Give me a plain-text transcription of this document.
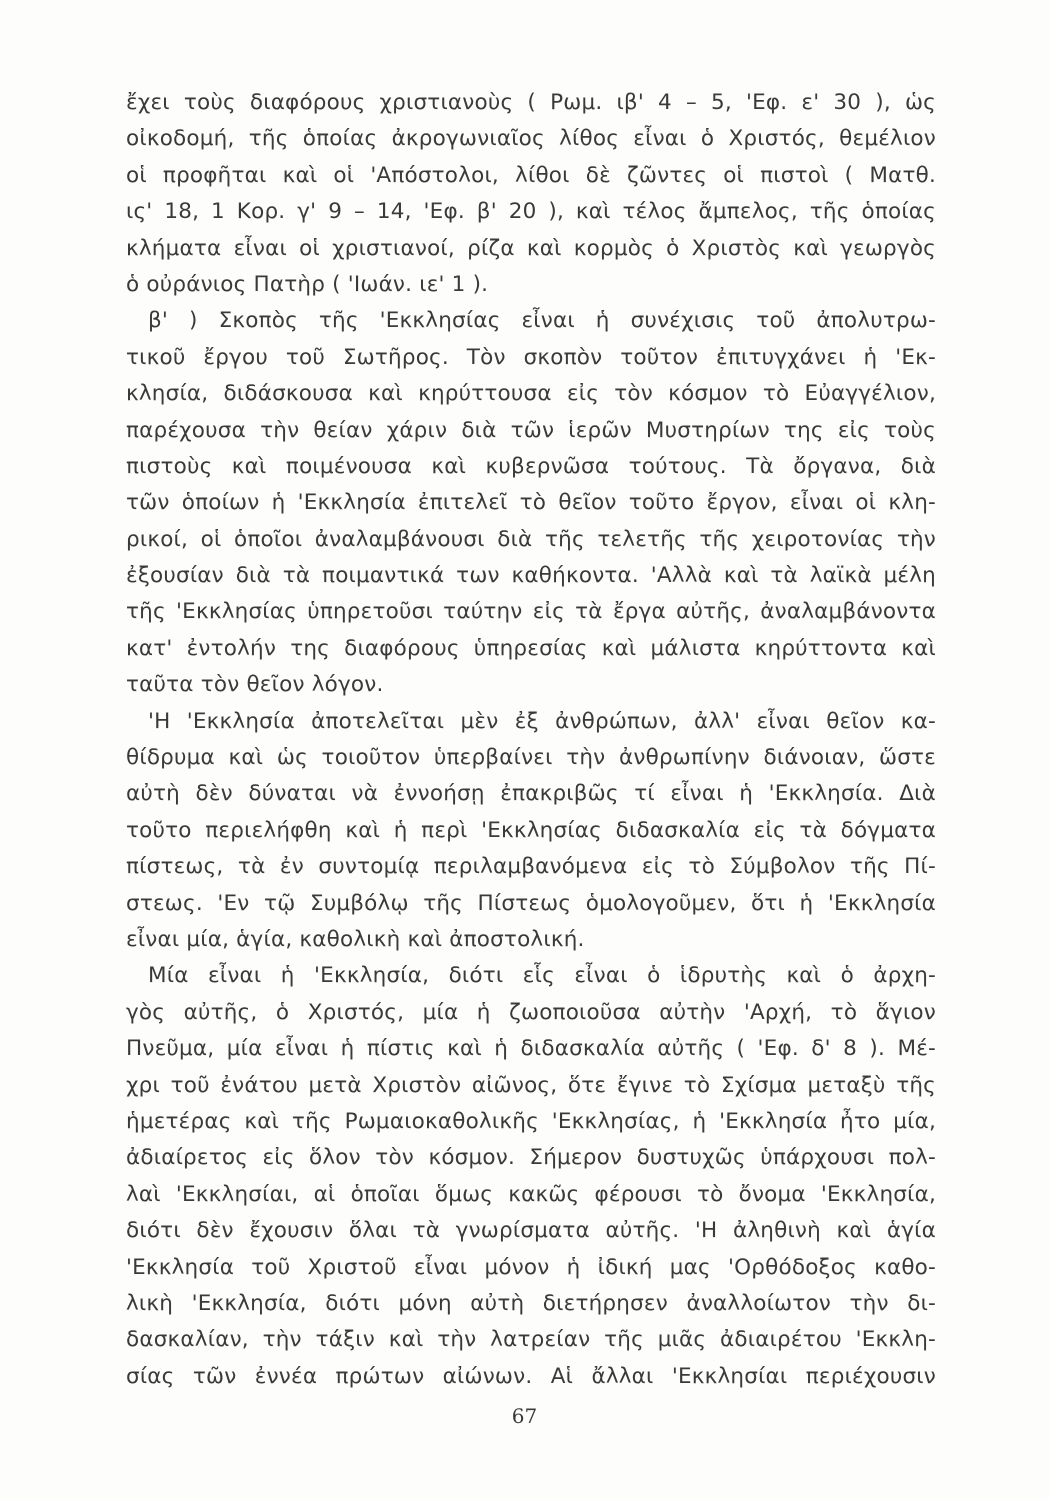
ἔχει τοὺς διαφόρους χριστιανοὺς ( Ρωμ. ιβ' 4 – 5, 'Εφ. ε' 30 ), ὡς
οἰκοδομή, τῆς ὁποίας ἀκρογωνιαῖος λίθος εἶναι ὁ Χριστός, θεμέλιον
οἱ προφῆται καὶ οἱ 'Απόστολοι, λίθοι δὲ ζῶντες οἱ πιστοὶ ( Ματθ.
ις' 18, 1 Κορ. γ' 9 – 14, 'Εφ. β' 20 ), καὶ τέλος ἄμπελος, τῆς ὁποίας
κλήματα εἶναι οἱ χριστιανοί, ρίζα καὶ κορμὸς ὁ Χριστὸς καὶ γεωργὸς
ὁ οὐράνιος Πατὴρ ( 'Ιωάν. ιε' 1 ).
β' ) Σκοπὸς τῆς 'Εκκλησίας εἶναι ἡ συνέχισις τοῦ ἀπολυτρω-
τικοῦ ἔργου τοῦ Σωτῆρος. Τὸν σκοπὸν τοῦτον ἐπιτυγχάνει ἡ 'Εκ-
κλησία, διδάσκουσα καὶ κηρύττουσα εἰς τὸν κόσμον τὸ Εὐαγγέλιον,
παρέχουσα τὴν θείαν χάριν διὰ τῶν ἱερῶν Μυστηρίων της εἰς τοὺς
πιστοὺς καὶ ποιμένουσα καὶ κυβερνῶσα τούτους. Τὰ ὄργανα, διὰ
τῶν ὁποίων ἡ 'Εκκλησία ἐπιτελεῖ τὸ θεῖον τοῦτο ἔργον, εἶναι οἱ κλη-
ρικοί, οἱ ὁποῖοι ἀναλαμβάνουσι διὰ τῆς τελετῆς τῆς χειροτονίας τὴν
ἐξουσίαν διὰ τὰ ποιμαντικά των καθήκοντα. 'Αλλὰ καὶ τὰ λαϊκὰ μέλη
τῆς 'Εκκλησίας ὑπηρετοῦσι ταύτην εἰς τὰ ἔργα αὐτῆς, ἀναλαμβάνοντα
κατ' ἐντολήν της διαφόρους ὑπηρεσίας καὶ μάλιστα κηρύττοντα καὶ
ταῦτα τὸν θεῖον λόγον.
'Η 'Εκκλησία ἀποτελεῖται μὲν ἐξ ἀνθρώπων, ἀλλ' εἶναι θεῖον κα-
θίδρυμα καὶ ὡς τοιοῦτον ὑπερβαίνει τὴν ἀνθρωπίνην διάνοιαν, ὥστε
αὐτὴ δὲν δύναται νὰ ἐννοήσῃ ἐπακριβῶς τί εἶναι ἡ 'Εκκλησία. Διὰ
τοῦτο περιελήφθη καὶ ἡ περὶ 'Εκκλησίας διδασκαλία εἰς τὰ δόγματα
πίστεως, τὰ ἐν συντομίᾳ περιλαμβανόμενα εἰς τὸ Σύμβολον τῆς Πί-
στεως. 'Εν τῷ Συμβόλῳ τῆς Πίστεως ὁμολογοῦμεν, ὅτι ἡ 'Εκκλησία
εἶναι μία, ἁγία, καθολικὴ καὶ ἀποστολική.
Μία εἶναι ἡ 'Εκκλησία, διότι εἷς εἶναι ὁ ἱδρυτὴς καὶ ὁ ἀρχη-
γὸς αὐτῆς, ὁ Χριστός, μία ἡ ζωοποιοῦσα αὐτὴν 'Αρχή, τὸ ἅγιον
Πνεῦμα, μία εἶναι ἡ πίστις καὶ ἡ διδασκαλία αὐτῆς ( 'Εφ. δ' 8 ). Μέ-
χρι τοῦ ἐνάτου μετὰ Χριστὸν αἰῶνος, ὅτε ἔγινε τὸ Σχίσμα μεταξὺ τῆς
ἡμετέρας καὶ τῆς Ρωμαιοκαθολικῆς 'Εκκλησίας, ἡ 'Εκκλησία ἦτο μία,
ἀδιαίρετος εἰς ὅλον τὸν κόσμον. Σήμερον δυστυχῶς ὑπάρχουσι πολ-
λαὶ 'Εκκλησίαι, αἱ ὁποῖαι ὅμως κακῶς φέρουσι τὸ ὄνομα 'Εκκλησία,
διότι δὲν ἔχουσιν ὅλαι τὰ γνωρίσματα αὐτῆς. 'Η ἀληθινὴ καὶ ἁγία
'Εκκλησία τοῦ Χριστοῦ εἶναι μόνον ἡ ἰδική μας 'Ορθόδοξος καθο-
λικὴ 'Εκκλησία, διότι μόνη αὐτὴ διετήρησεν ἀναλλοίωτον τὴν δι-
δασκαλίαν, τὴν τάξιν καὶ τὴν λατρείαν τῆς μιᾶς ἀδιαιρέτου 'Εκκλη-
σίας τῶν ἐννέα πρώτων αἰώνων. Αἱ ἄλλαι 'Εκκλησίαι περιέχουσιν
67
